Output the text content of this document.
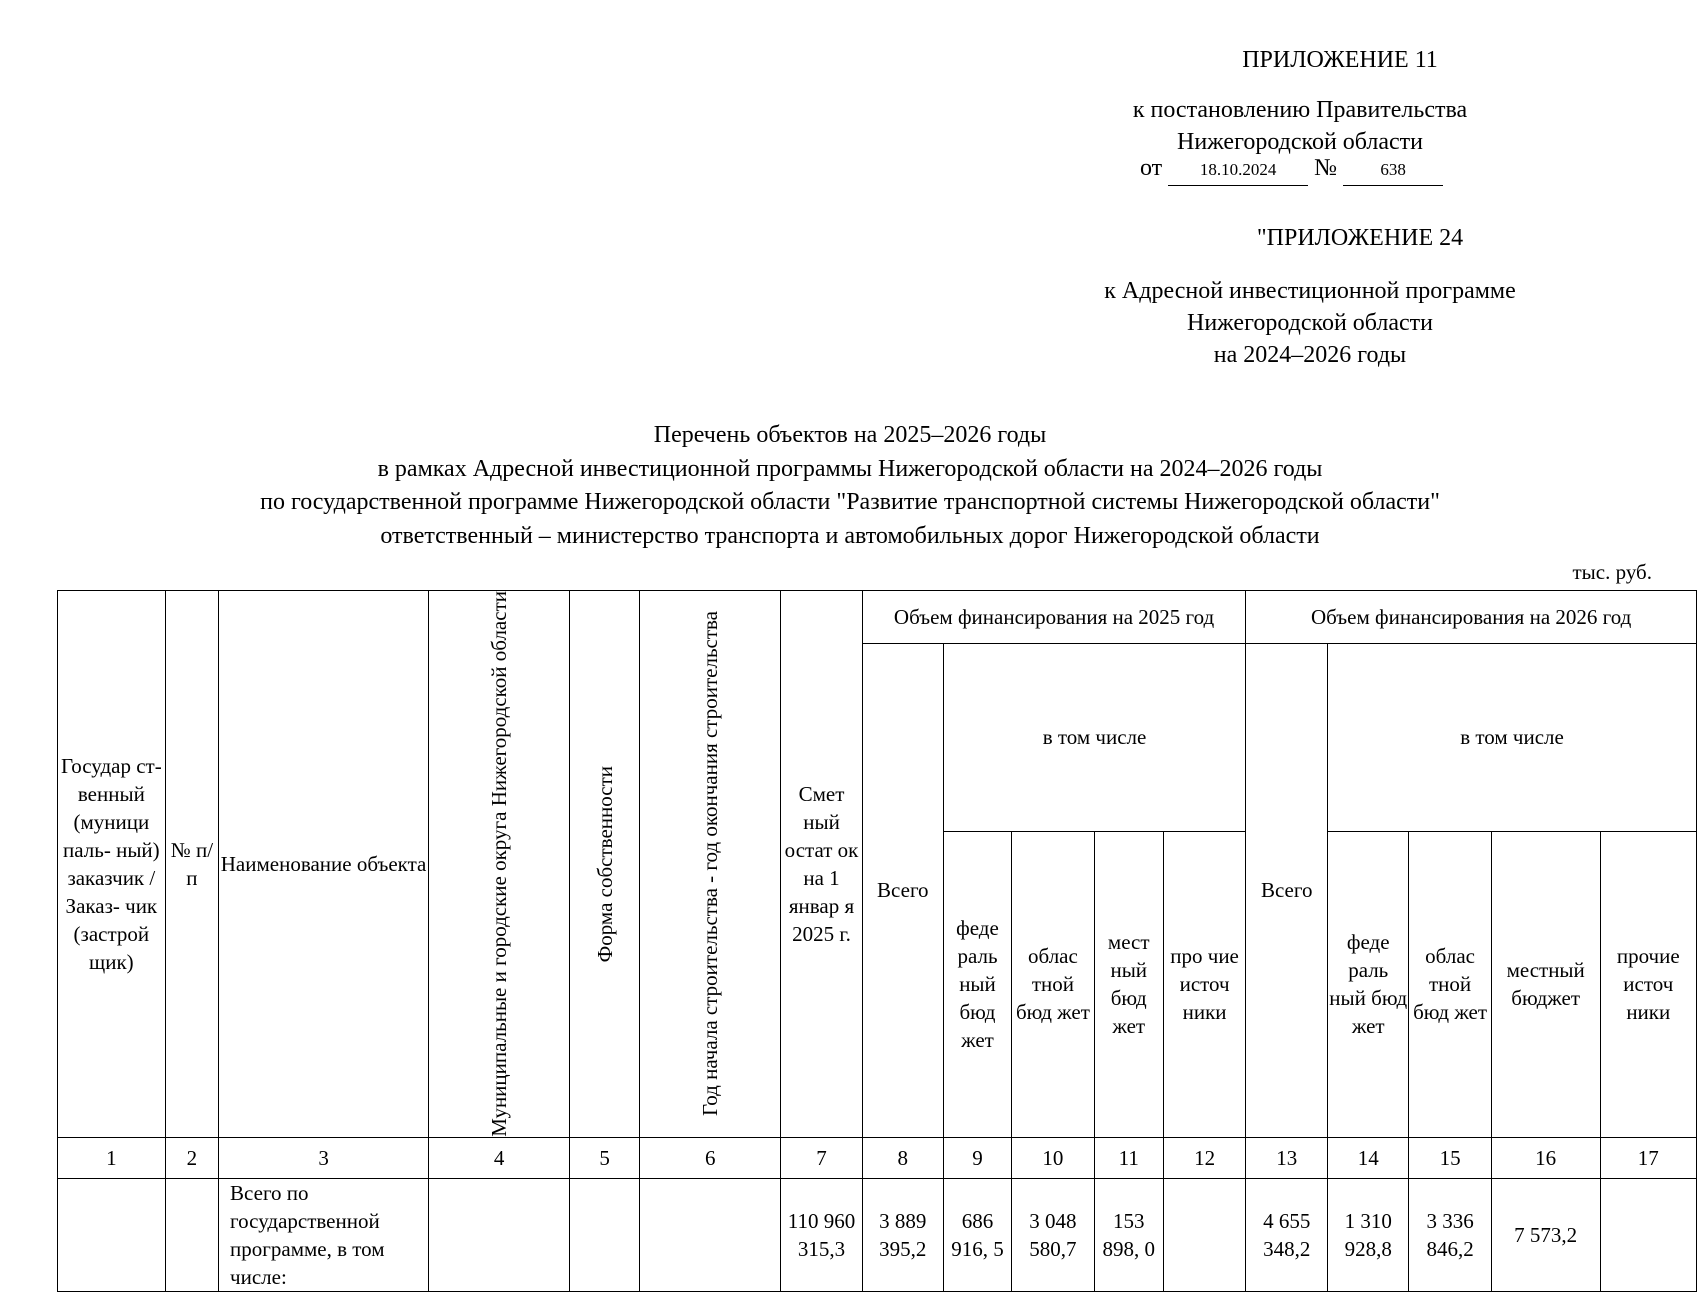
ПРИЛОЖЕНИЕ 11
к постановлению Правительства
Нижегородской области
от 18.10.2024 №	638
"ПРИЛОЖЕНИЕ 24
к Адресной инвестиционной программе
Нижегородской области
на 2024–2026 годы
Перечень объектов на 2025–2026 годы
в рамках Адресной инвестиционной программы Нижегородской области на 2024–2026 годы
по государственной программе Нижегородской области "Развитие транспортной системы Нижегородской области"
ответственный – министерство транспорта и автомобильных дорог Нижегородской области
тыс. руб.
Государ ст- венный (муници паль- ный) заказчик / Заказ- чик (застрой щик)	№ п/п	Наименование объекта	Муниципальные и городские округа Нижегородской области	Форма собственности	Год начала строительства - год окончания строительства	Смет ный остат ок на 1 январ я 2025 г.	Объем финансирования на 2025 год					Объем финансирования на 2026 год				
							Всего	в том числе				Всего	в том числе			
								феде раль ный бюд жет	облас тной бюд жет	мест ный бюд жет	про чие источ ники		феде раль ный бюд жет	облас тной бюд жет	местный бюджет	прочие источ ники
1	2	3	4	5	6	7	8	9	10	11	12	13	14	15	16	17
		Всего по государственной программе, в том числе:				110 960 315,3	3 889 395,2	686 916, 5	3 048 580,7	153 898, 0		4 655 348,2	1 310 928,8	3 336 846,2	7 573,2	
